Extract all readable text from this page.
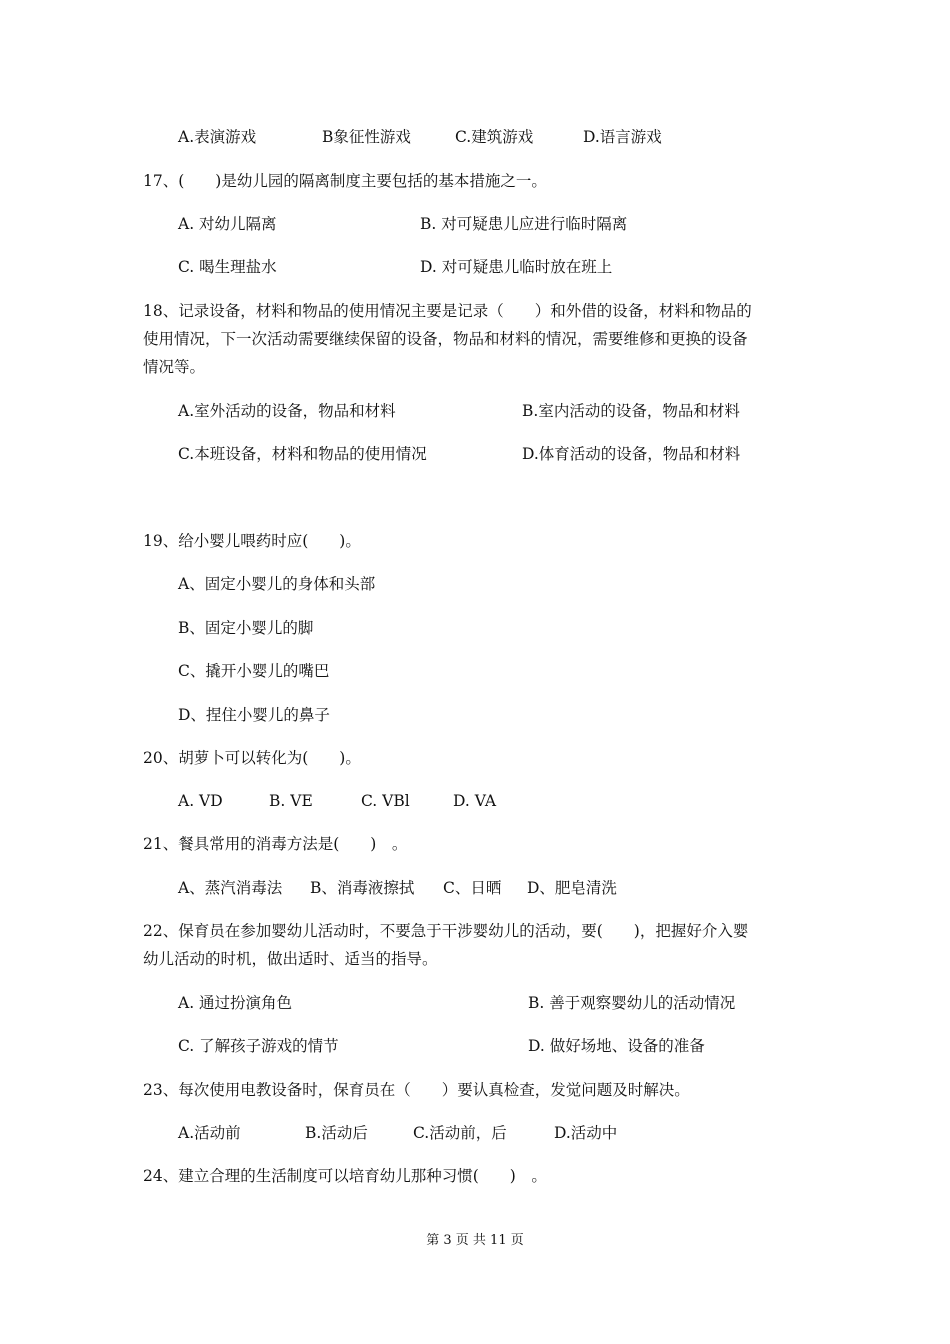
A.表演游戏	B象征性游戏	C.建筑游戏	D.语言游戏
17、(　　)是幼儿园的隔离制度主要包括的基本措施之一。
A. 对幼儿隔离	B. 对可疑患儿应进行临时隔离
C. 喝生理盐水	D. 对可疑患儿临时放在班上
18、记录设备，材料和物品的使用情况主要是记录（　　）和外借的设备，材料和物品的
使用情况，下一次活动需要继续保留的设备，物品和材料的情况，需要维修和更换的设备
情况等。
A.室外活动的设备，物品和材料	B.室内活动的设备，物品和材料
C.本班设备，材料和物品的使用情况	D.体育活动的设备，物品和材料
19、给小婴儿喂药时应(　　)。
A、固定小婴儿的身体和头部
B、固定小婴儿的脚
C、撬开小婴儿的嘴巴
D、捏住小婴儿的鼻子
20、胡萝卜可以转化为(　　)。
A. VD	B. VE	C. VBl	D. VA
21、餐具常用的消毒方法是(　　)　。
A、蒸汽消毒法 B、消毒液擦拭 C、日晒 D、肥皂清洗
22、保育员在参加婴幼儿活动时，不要急于干涉婴幼儿的活动，要(　　)，把握好介入婴
幼儿活动的时机，做出适时、适当的指导。
A. 通过扮演角色	B. 善于观察婴幼儿的活动情况
C. 了解孩子游戏的情节	D. 做好场地、设备的准备
23、每次使用电教设备时，保育员在（　　）要认真检查，发觉问题及时解决。
A.活动前	B.活动后	C.活动前，后	D.活动中
24、建立合理的生活制度可以培育幼儿那种习惯(　　)　。
第 3 页 共 11 页
